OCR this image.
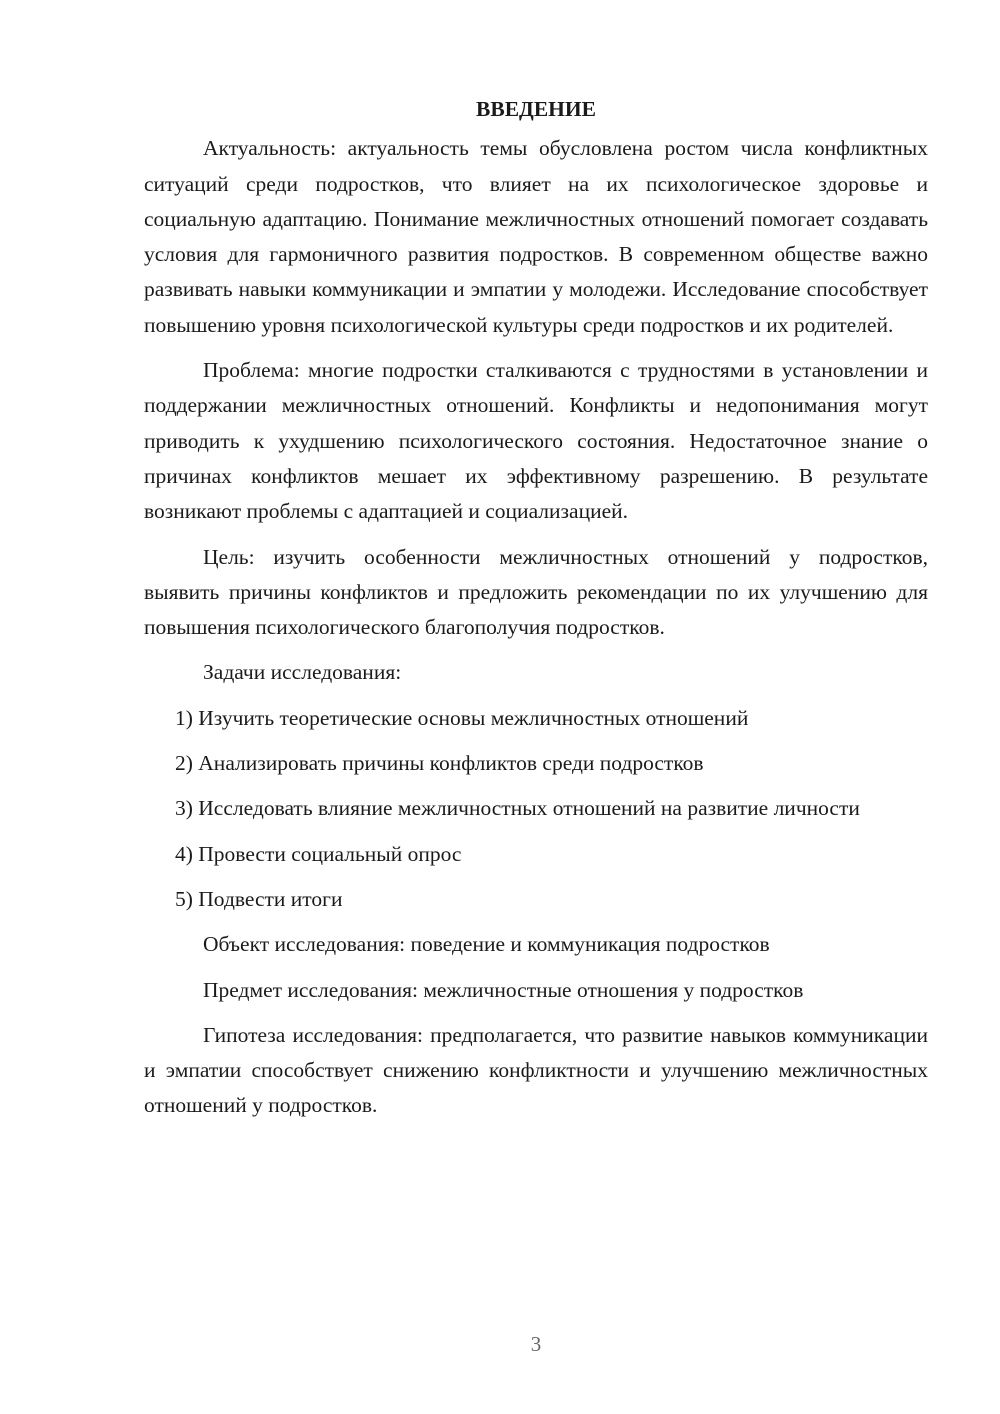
ВВЕДЕНИЕ

Актуальность: актуальность темы обусловлена ростом числа конфликтных ситуаций среди подростков, что влияет на их психологическое здоровье и социальную адаптацию. Понимание межличностных отношений помогает создавать условия для гармоничного развития подростков. В современном обществе важно развивать навыки коммуникации и эмпатии у молодежи. Исследование способствует повышению уровня психологической культуры среди подростков и их родителей.

Проблема: многие подростки сталкиваются с трудностями в установлении и поддержании межличностных отношений. Конфликты и недопонимания могут приводить к ухудшению психологического состояния. Недостаточное знание о причинах конфликтов мешает их эффективному разрешению. В результате возникают проблемы с адаптацией и социализацией.

Цель: изучить особенности межличностных отношений у подростков, выявить причины конфликтов и предложить рекомендации по их улучшению для повышения психологического благополучия подростков.

Задачи исследования:

1) Изучить теоретические основы межличностных отношений

2) Анализировать причины конфликтов среди подростков

3) Исследовать влияние межличностных отношений на развитие личности

4) Провести социальный опрос

5) Подвести итоги

Объект исследования: поведение и коммуникация подростков

Предмет исследования: межличностные отношения у подростков

Гипотеза исследования: предполагается, что развитие навыков коммуникации и эмпатии способствует снижению конфликтности и улучшению межличностных отношений у подростков.

3
